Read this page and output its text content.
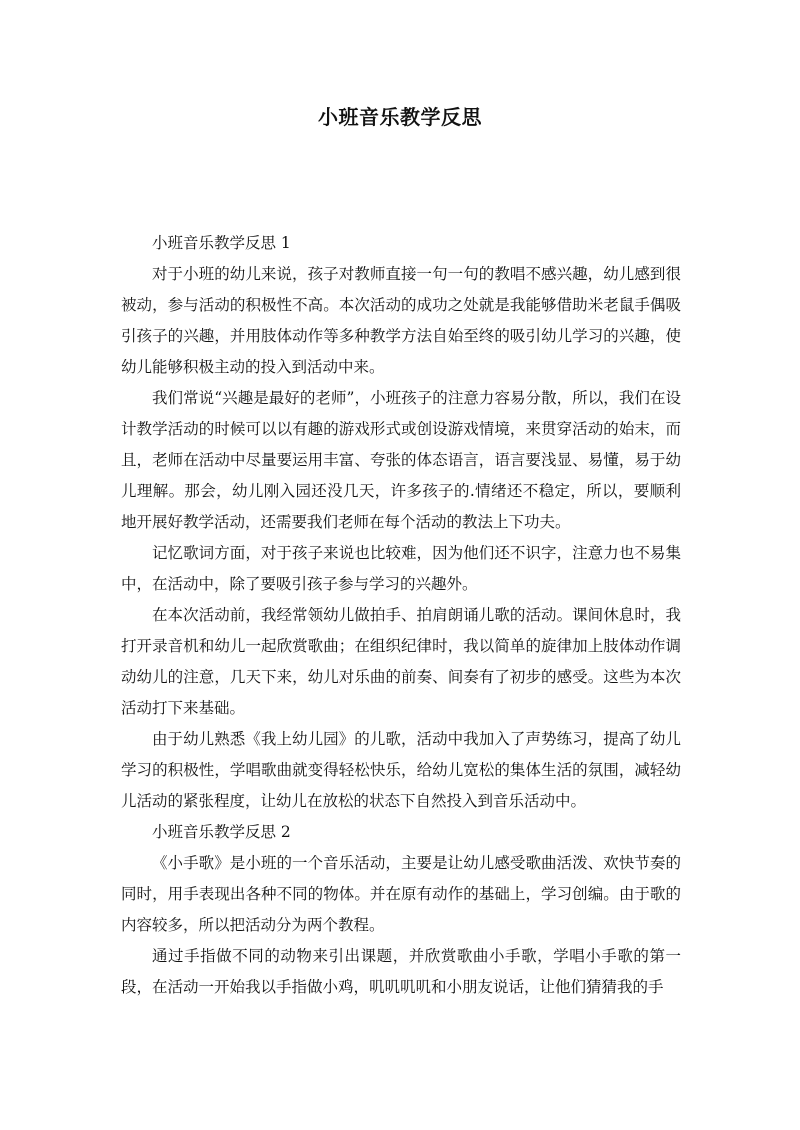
小班音乐教学反思

小班音乐教学反思 1

对于小班的幼儿来说，孩子对教师直接一句一句的教唱不感兴趣，幼儿感到很被动，参与活动的积极性不高。本次活动的成功之处就是我能够借助米老鼠手偶吸引孩子的兴趣，并用肢体动作等多种教学方法自始至终的吸引幼儿学习的兴趣，使幼儿能够积极主动的投入到活动中来。

我们常说“兴趣是最好的老师”，小班孩子的注意力容易分散，所以，我们在设计教学活动的时候可以以有趣的游戏形式或创设游戏情境，来贯穿活动的始末，而且，老师在活动中尽量要运用丰富、夸张的体态语言，语言要浅显、易懂，易于幼儿理解。那会，幼儿刚入园还没几天，许多孩子的.情绪还不稳定，所以，要顺利地开展好教学活动，还需要我们老师在每个活动的教法上下功夫。

记忆歌词方面，对于孩子来说也比较难，因为他们还不识字，注意力也不易集中，在活动中，除了要吸引孩子参与学习的兴趣外。

在本次活动前，我经常领幼儿做拍手、拍肩朗诵儿歌的活动。课间休息时，我打开录音机和幼儿一起欣赏歌曲；在组织纪律时，我以简单的旋律加上肢体动作调动幼儿的注意，几天下来，幼儿对乐曲的前奏、间奏有了初步的感受。这些为本次活动打下来基础。

由于幼儿熟悉《我上幼儿园》的儿歌，活动中我加入了声势练习，提高了幼儿学习的积极性，学唱歌曲就变得轻松快乐，给幼儿宽松的集体生活的氛围，减轻幼儿活动的紧张程度，让幼儿在放松的状态下自然投入到音乐活动中。

小班音乐教学反思 2

《小手歌》是小班的一个音乐活动，主要是让幼儿感受歌曲活泼、欢快节奏的同时，用手表现出各种不同的物体。并在原有动作的基础上，学习创编。由于歌的内容较多，所以把活动分为两个教程。

通过手指做不同的动物来引出课题，并欣赏歌曲小手歌，学唱小手歌的第一段，在活动一开始我以手指做小鸡，叽叽叽叽和小朋友说话，让他们猜猜我的手
